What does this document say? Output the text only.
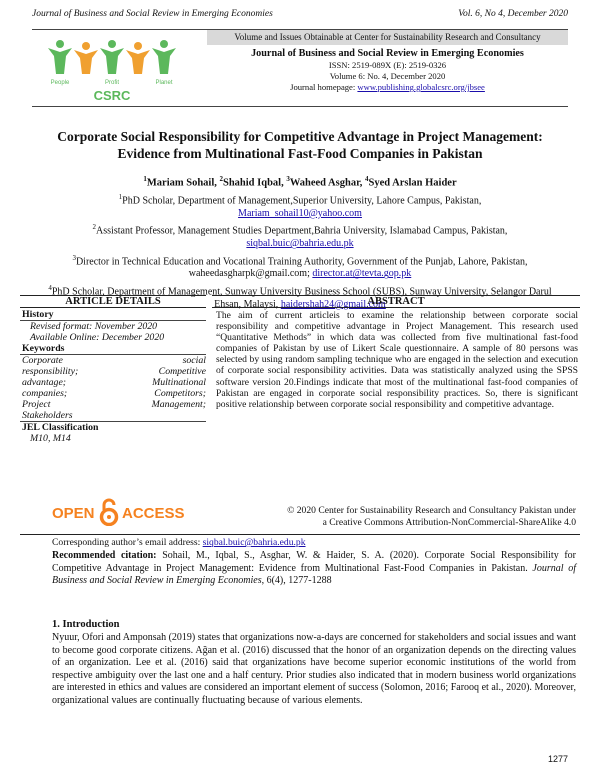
Journal of Business and Social Review in Emerging Economies	Vol. 6, No 4, December 2020
People	Profit	Planet
CSRC
Volume and Issues Obtainable at Center for Sustainability Research and Consultancy
Journal of Business and Social Review in Emerging Economies
ISSN: 2519-089X (E): 2519-0326
Volume 6: No. 4, December 2020
Journal homepage: www.publishing.globalcsrc.org/jbsee
Corporate Social Responsibility for Competitive Advantage in Project Management: Evidence from Multinational Fast-Food Companies in Pakistan
$^1$Mariam Sohail, $^2$Shahid Iqbal, $^3$Waheed Asghar, $^4$Syed Arslan Haider
$^1$PhD Scholar, Department of Management,Superior University, Lahore Campus, Pakistan,
Mariam_sohail10@yahoo.com
$^2$Assistant Professor, Management Studies Department,Bahria University, Islamabad Campus, Pakistan,
siqbal.buic@bahria.edu.pk
$^3$Director in Technical Education and Vocational Training Authority, Government of the Punjab, Lahore, Pakistan, waheedasgharpk@gmail.com; director.at@tevta.gop.pk
$^4$PhD Scholar, Department of Management, Sunway University Business School (SUBS), Sunway University, Selangor Darul Ehsan, Malaysi, haidershah24@gmail.com
ARTICLE DETAILS	ABSTRACT
History
Revised format: November 2020
Available Online: December 2020
Keywords
Corporate social
responsibility; Competitive
advantage; Multinational
companies; Competitors;
Project Management;
Stakeholders
JEL Classification
M10, M14
The aim of current articleis to examine the relationship between corporate social responsibility and competitive advantage in Project Management. This research used “Quantitative Methods” in which data was collected from five multinational fast-food companies of Pakistan by use of Likert Scale questionnaire. A sample of 80 persons was selected by using random sampling technique who are engaged in the selection and execution of corporate social responsibility activities. Data was statistically analyzed using the SPSS software version 20.Findings indicate that most of the multinational fast-food companies of Pakistan are engaged in corporate social responsibility practices. So, there is significant positive relationship between corporate social responsibility and competitive advantage.
OPEN ACCESS	© 2020 Center for Sustainability Research and Consultancy Pakistan under
a Creative Commons Attribution-NonCommercial-ShareAlike 4.0
Corresponding author’s email address: siqbal.buic@bahria.edu.pk
Recommended citation: Sohail, M., Iqbal, S., Asghar, W. & Haider, S. A. (2020). Corporate Social Responsibility for Competitive Advantage in Project Management: Evidence from Multinational Fast-Food Companies in Pakistan. Journal of Business and Social Review in Emerging Economies, 6(4), 1277-1288
1. Introduction
Nyuur, Ofori and Amponsah (2019) states that organizations now-a-days are concerned for stakeholders and social issues and want to become good corporate citizens. Ağan et al. (2016) discussed that the honor of an organization depends on the directing values of an organization. Lee et al. (2016) said that organizations have become superior economic institutions of the world from respective ambiguity over the last one and a half century. Prior studies also indicated that in modern business world organizations are interested in ethics and values are considered an important element of success (Solomon, 2016; Farooq et al., 2020). Moreover, organizational values are continually fluctuating because of various elements.
1277
